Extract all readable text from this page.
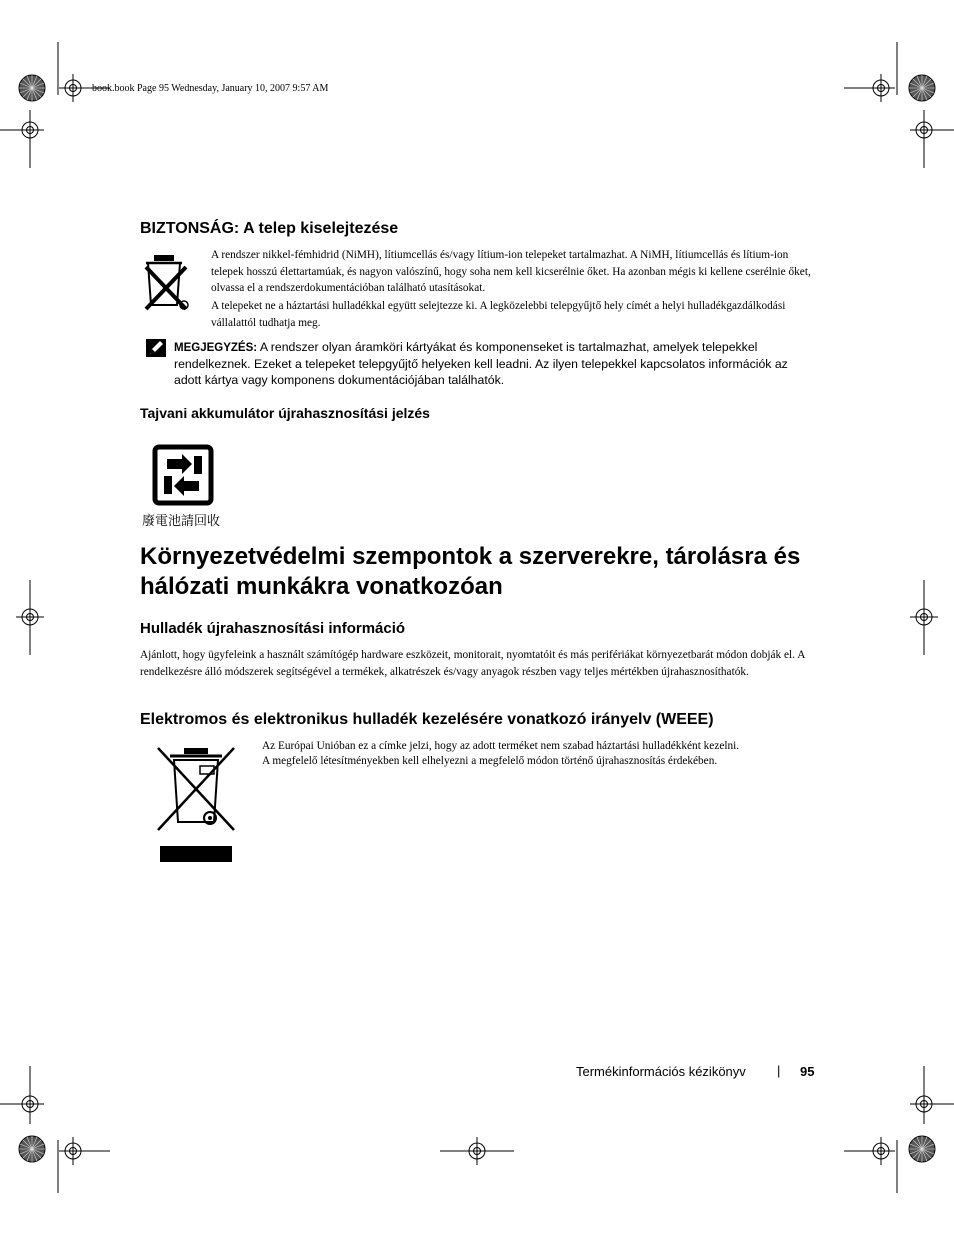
book.book Page 95 Wednesday, January 10, 2007 9:57 AM
BIZTONSÁG: A telep kiselejtezése
A rendszer nikkel-fémhidrid (NiMH), lítiumcellás és/vagy lítium-ion telepeket tartalmazhat. A NiMH, lítiumcellás és lítium-ion telepek hosszú élettartamúak, és nagyon valószínű, hogy soha nem kell kicserélnie őket. Ha azonban mégis ki kellene cserélnie őket, olvassa el a rendszerdokumentációban található utasításokat.
A telepeket ne a háztartási hulladékkal együtt selejtezze ki. A legközelebbi telepgyűjtő hely címét a helyi hulladékgazdálkodási vállalattól tudhatja meg.
MEGJEGYZÉS: A rendszer olyan áramköri kártyákat és komponenseket is tartalmazhat, amelyek telepekkel rendelkeznek. Ezeket a telepeket telepgyűjtő helyeken kell leadni. Az ilyen telepekkel kapcsolatos információk az adott kártya vagy komponens dokumentációjában találhatók.
Tajvani akkumulátor újrahasznosítási jelzés
廢電池請回收
Környezetvédelmi szempontok a szerverekre, tárolásra és hálózati munkákra vonatkozóan
Hulladék újrahasznosítási információ
Ajánlott, hogy ügyfeleink a használt számítógép hardware eszközeit, monitorait, nyomtatóit és más perifériákat környezetbarát módon dobják el. A rendelkezésre álló módszerek segítségével a termékek, alkatrészek és/vagy anyagok részben vagy teljes mértékben újrahasznosíthatók.
Elektromos és elektronikus hulladék kezelésére vonatkozó irányelv (WEEE)
Az Európai Unióban ez a címke jelzi, hogy az adott terméket nem szabad háztartási hulladékként kezelni.
A megfelelő létesítményekben kell elhelyezni a megfelelő módon történő újrahasznosítás érdekében.
Termékinformációs kézikönyv | 95
